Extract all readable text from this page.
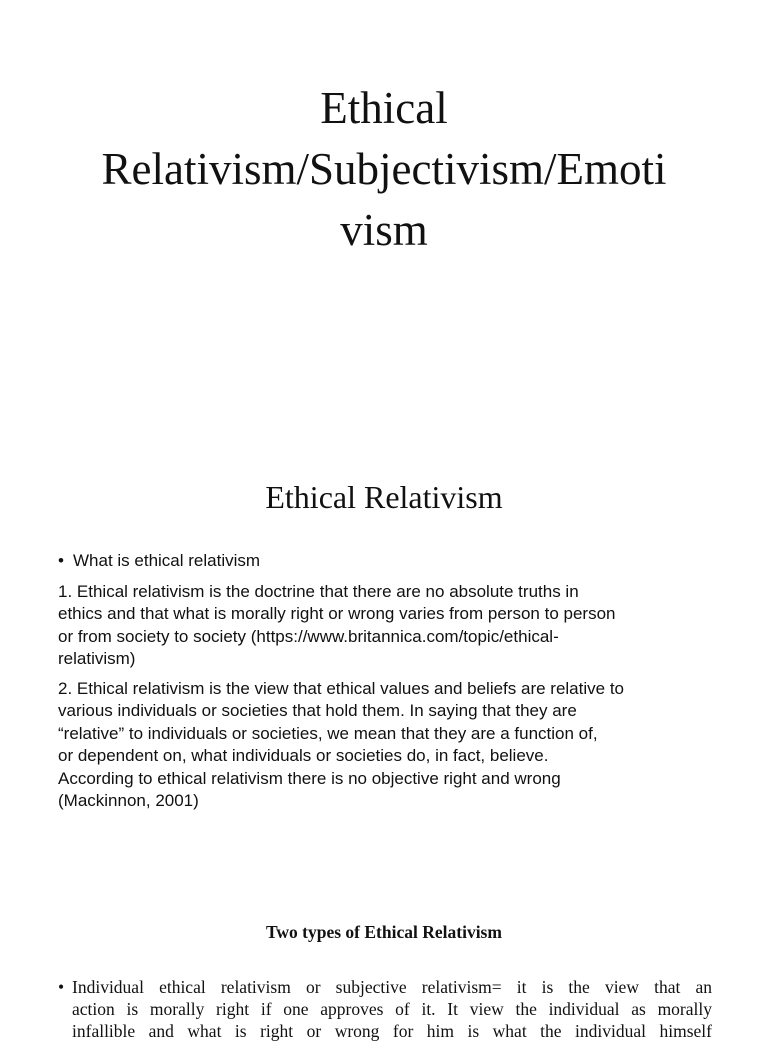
Ethical
Relativism/Subjectivism/Emoti
vism
Ethical Relativism
• What is ethical relativism
1. Ethical relativism is the doctrine that there are no absolute truths in
ethics and that what is morally right or wrong varies from person to person
or from society to society (https://www.britannica.com/topic/ethical-
relativism)
2. Ethical relativism is the view that ethical values and beliefs are relative to
various individuals or societies that hold them. In saying that they are
“relative” to individuals or societies, we mean that they are a function of,
or dependent on, what individuals or societies do, in fact, believe.
According to ethical relativism there is no objective right and wrong
(Mackinnon, 2001)
Two types of Ethical Relativism
• Individual ethical relativism or subjective relativism= it is the view that an
action is morally right if one approves of it. It view the individual as morally
infallible and what is right or wrong for him is what the individual himself
